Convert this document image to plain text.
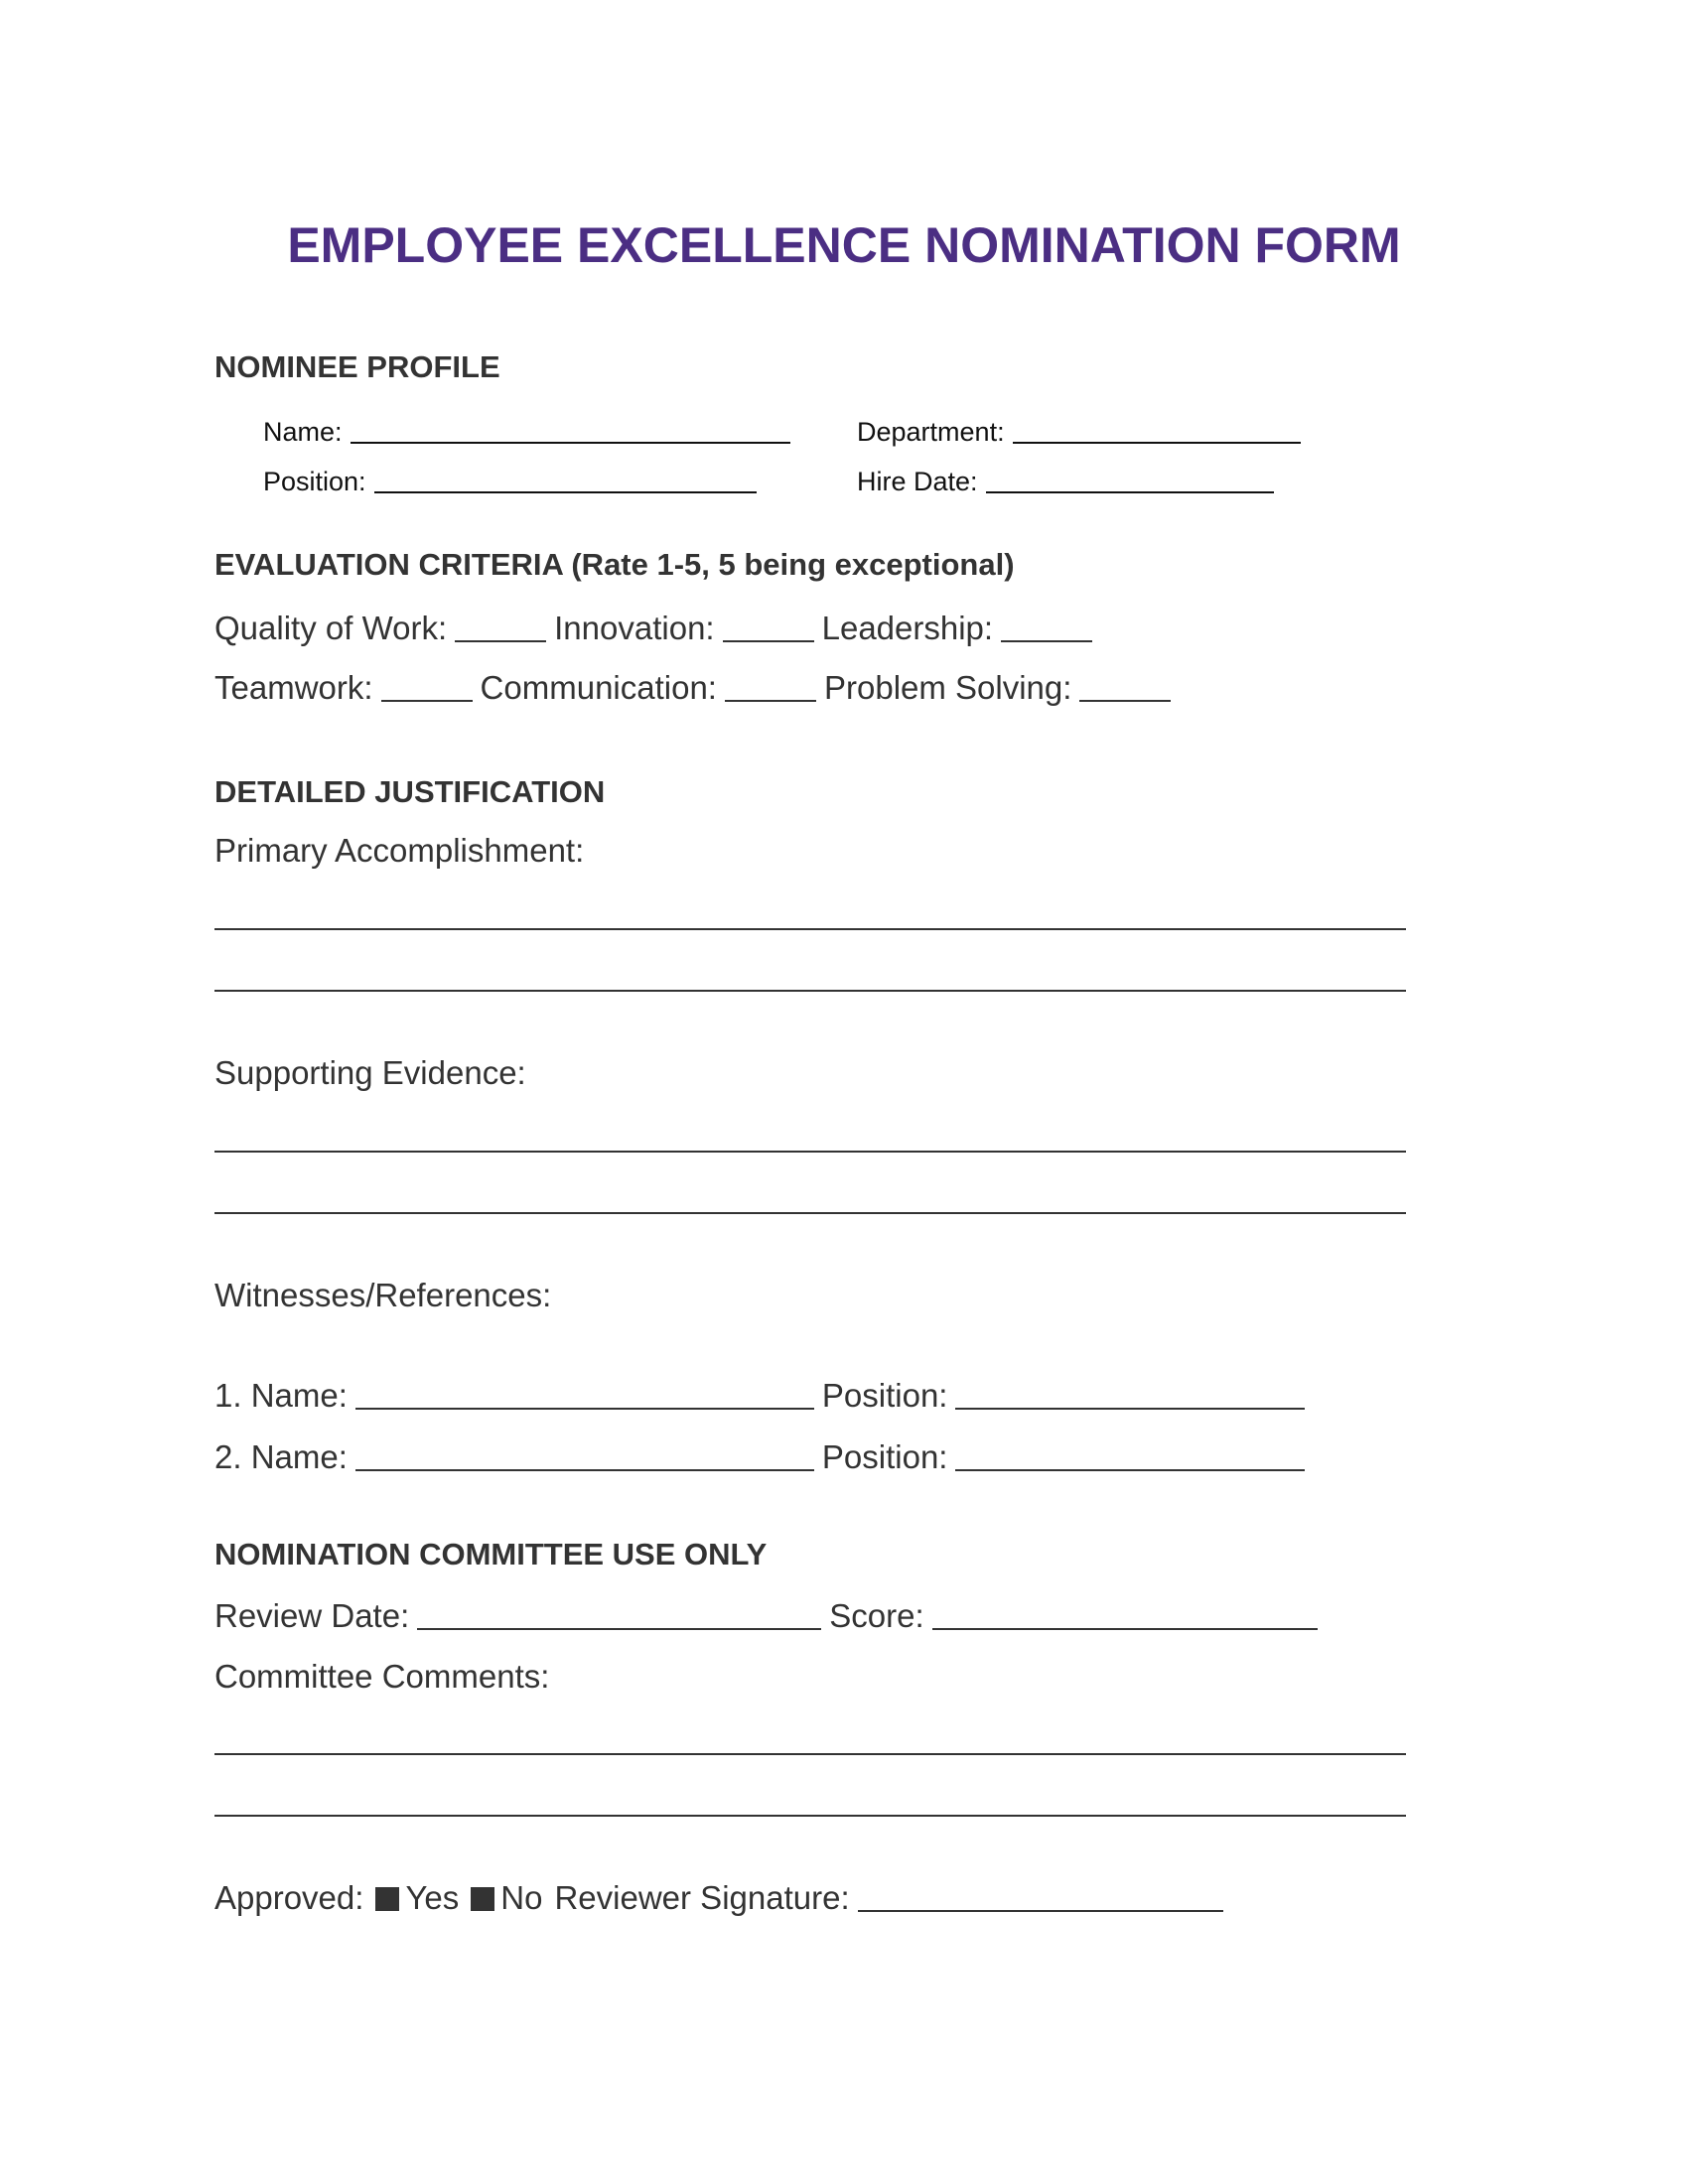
EMPLOYEE EXCELLENCE NOMINATION FORM
NOMINEE PROFILE
Name:	Department:
Position:	Hire Date:
EVALUATION CRITERIA (Rate 1-5, 5 being exceptional)
Quality of Work:	Innovation:	Leadership:
Teamwork:	Communication:	Problem Solving:
DETAILED JUSTIFICATION
Primary Accomplishment:
Supporting Evidence:
Witnesses/References:
1. Name:	Position:
2. Name:	Position:
NOMINATION COMMITTEE USE ONLY
Review Date:	Score:
Committee Comments:
Approved: Yes No Reviewer Signature:
